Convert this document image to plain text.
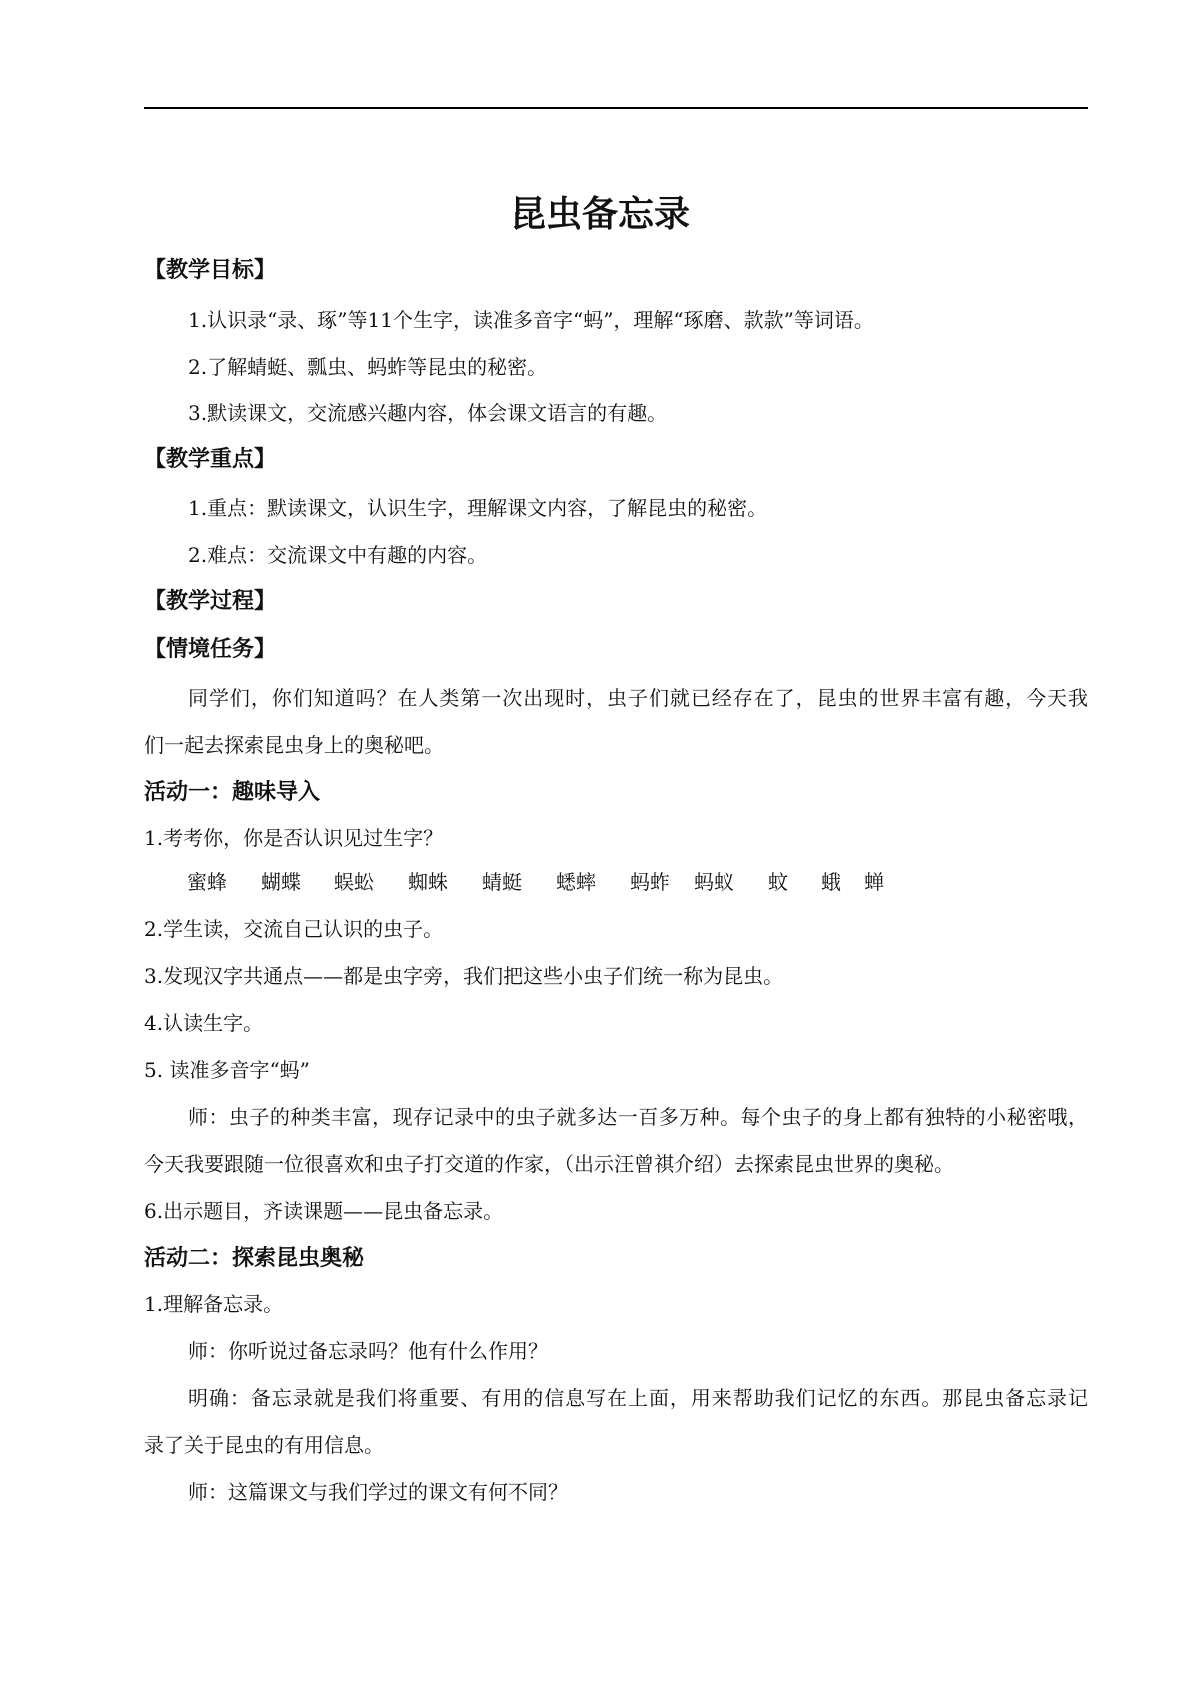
昆虫备忘录
【教学目标】
1.认识录“录、琢”等11个生字，读准多音字“蚂”，理解“琢磨、款款”等词语。
2.了解蜻蜓、瓢虫、蚂蚱等昆虫的秘密。
3.默读课文，交流感兴趣内容，体会课文语言的有趣。
【教学重点】
1.重点：默读课文，认识生字，理解课文内容，了解昆虫的秘密。
2.难点：交流课文中有趣的内容。
【教学过程】
【情境任务】
同学们，你们知道吗？在人类第一次出现时，虫子们就已经存在了，昆虫的世界丰富有趣，今天我
们一起去探索昆虫身上的奥秘吧。
活动一：趣味导入
1.考考你，你是否认识见过生字？
蜜蜂 蝴蝶 蜈蚣 蜘蛛 蜻蜓 蟋蟀 蚂蚱 蚂蚁 蚊 蛾 蝉
2.学生读，交流自己认识的虫子。
3.发现汉字共通点——都是虫字旁，我们把这些小虫子们统一称为昆虫。
4.认读生字。
5. 读准多音字“蚂”
师：虫子的种类丰富，现存记录中的虫子就多达一百多万种。每个虫子的身上都有独特的小秘密哦，
今天我要跟随一位很喜欢和虫子打交道的作家，（出示汪曾祺介绍）去探索昆虫世界的奥秘。
6.出示题目，齐读课题——昆虫备忘录。
活动二：探索昆虫奥秘
1.理解备忘录。
师：你听说过备忘录吗？他有什么作用？
明确：备忘录就是我们将重要、有用的信息写在上面，用来帮助我们记忆的东西。那昆虫备忘录记
录了关于昆虫的有用信息。
师：这篇课文与我们学过的课文有何不同？
